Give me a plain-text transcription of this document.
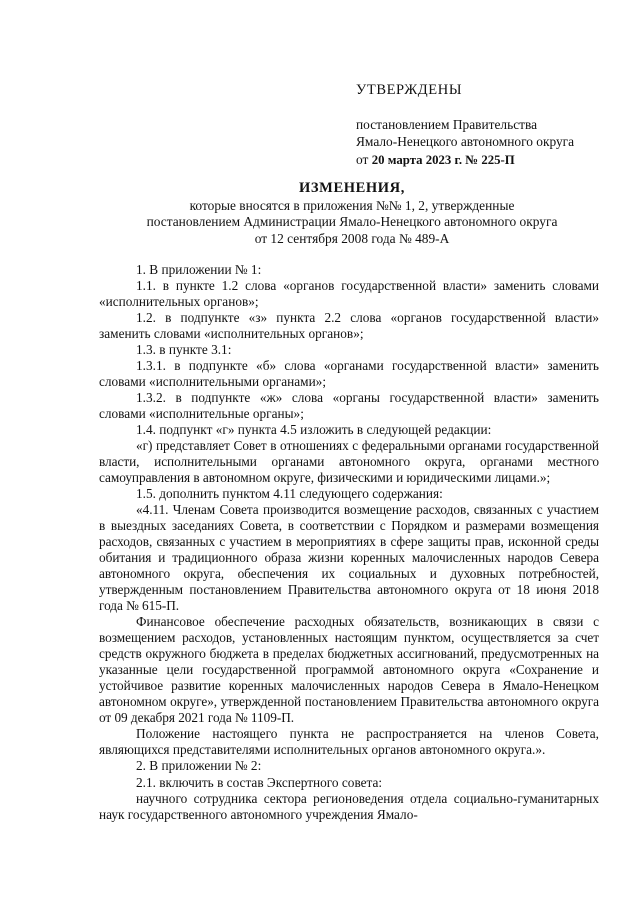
УТВЕРЖДЕНЫ
постановлением Правительства
Ямало-Ненецкого автономного округа
от 20 марта 2023 г. № 225-П
ИЗМЕНЕНИЯ,
которые вносятся в приложения №№ 1, 2, утвержденные
постановлением Администрации Ямало-Ненецкого автономного округа
от 12 сентября 2008 года № 489-А

1. В приложении № 1:

1.1. в пункте 1.2 слова «органов государственной власти» заменить словами «исполнительных органов»;

1.2. в подпункте «з» пункта 2.2 слова «органов государственной власти» заменить словами «исполнительных органов»;

1.3. в пункте 3.1:

1.3.1. в подпункте «б» слова «органами государственной власти» заменить словами «исполнительными органами»;

1.3.2. в подпункте «ж» слова «органы государственной власти» заменить словами «исполнительные органы»;

1.4. подпункт «г» пункта 4.5 изложить в следующей редакции:

«г) представляет Совет в отношениях с федеральными органами государственной власти, исполнительными органами автономного округа, органами местного самоуправления в автономном округе, физическими и юридическими лицами.»;

1.5. дополнить пунктом 4.11 следующего содержания:

«4.11. Членам Совета производится возмещение расходов, связанных с участием в выездных заседаниях Совета, в соответствии с Порядком и размерами возмещения расходов, связанных с участием в мероприятиях в сфере защиты прав, исконной среды обитания и традиционного образа жизни коренных малочисленных народов Севера автономного округа, обеспечения их социальных и духовных потребностей, утвержденным постановлением Правительства автономного округа от 18 июня 2018 года № 615-П.

Финансовое обеспечение расходных обязательств, возникающих в связи с возмещением расходов, установленных настоящим пунктом, осуществляется за счет средств окружного бюджета в пределах бюджетных ассигнований, предусмотренных на указанные цели государственной программой автономного округа «Сохранение и устойчивое развитие коренных малочисленных народов Севера в Ямало-Ненецком автономном округе», утвержденной постановлением Правительства автономного округа от 09 декабря 2021 года № 1109-П.

Положение настоящего пункта не распространяется на членов Совета, являющихся представителями исполнительных органов автономного округа.».

2. В приложении № 2:

2.1. включить в состав Экспертного совета:

научного сотрудника сектора регионоведения отдела социально-гуманитарных наук государственного автономного учреждения Ямало-
